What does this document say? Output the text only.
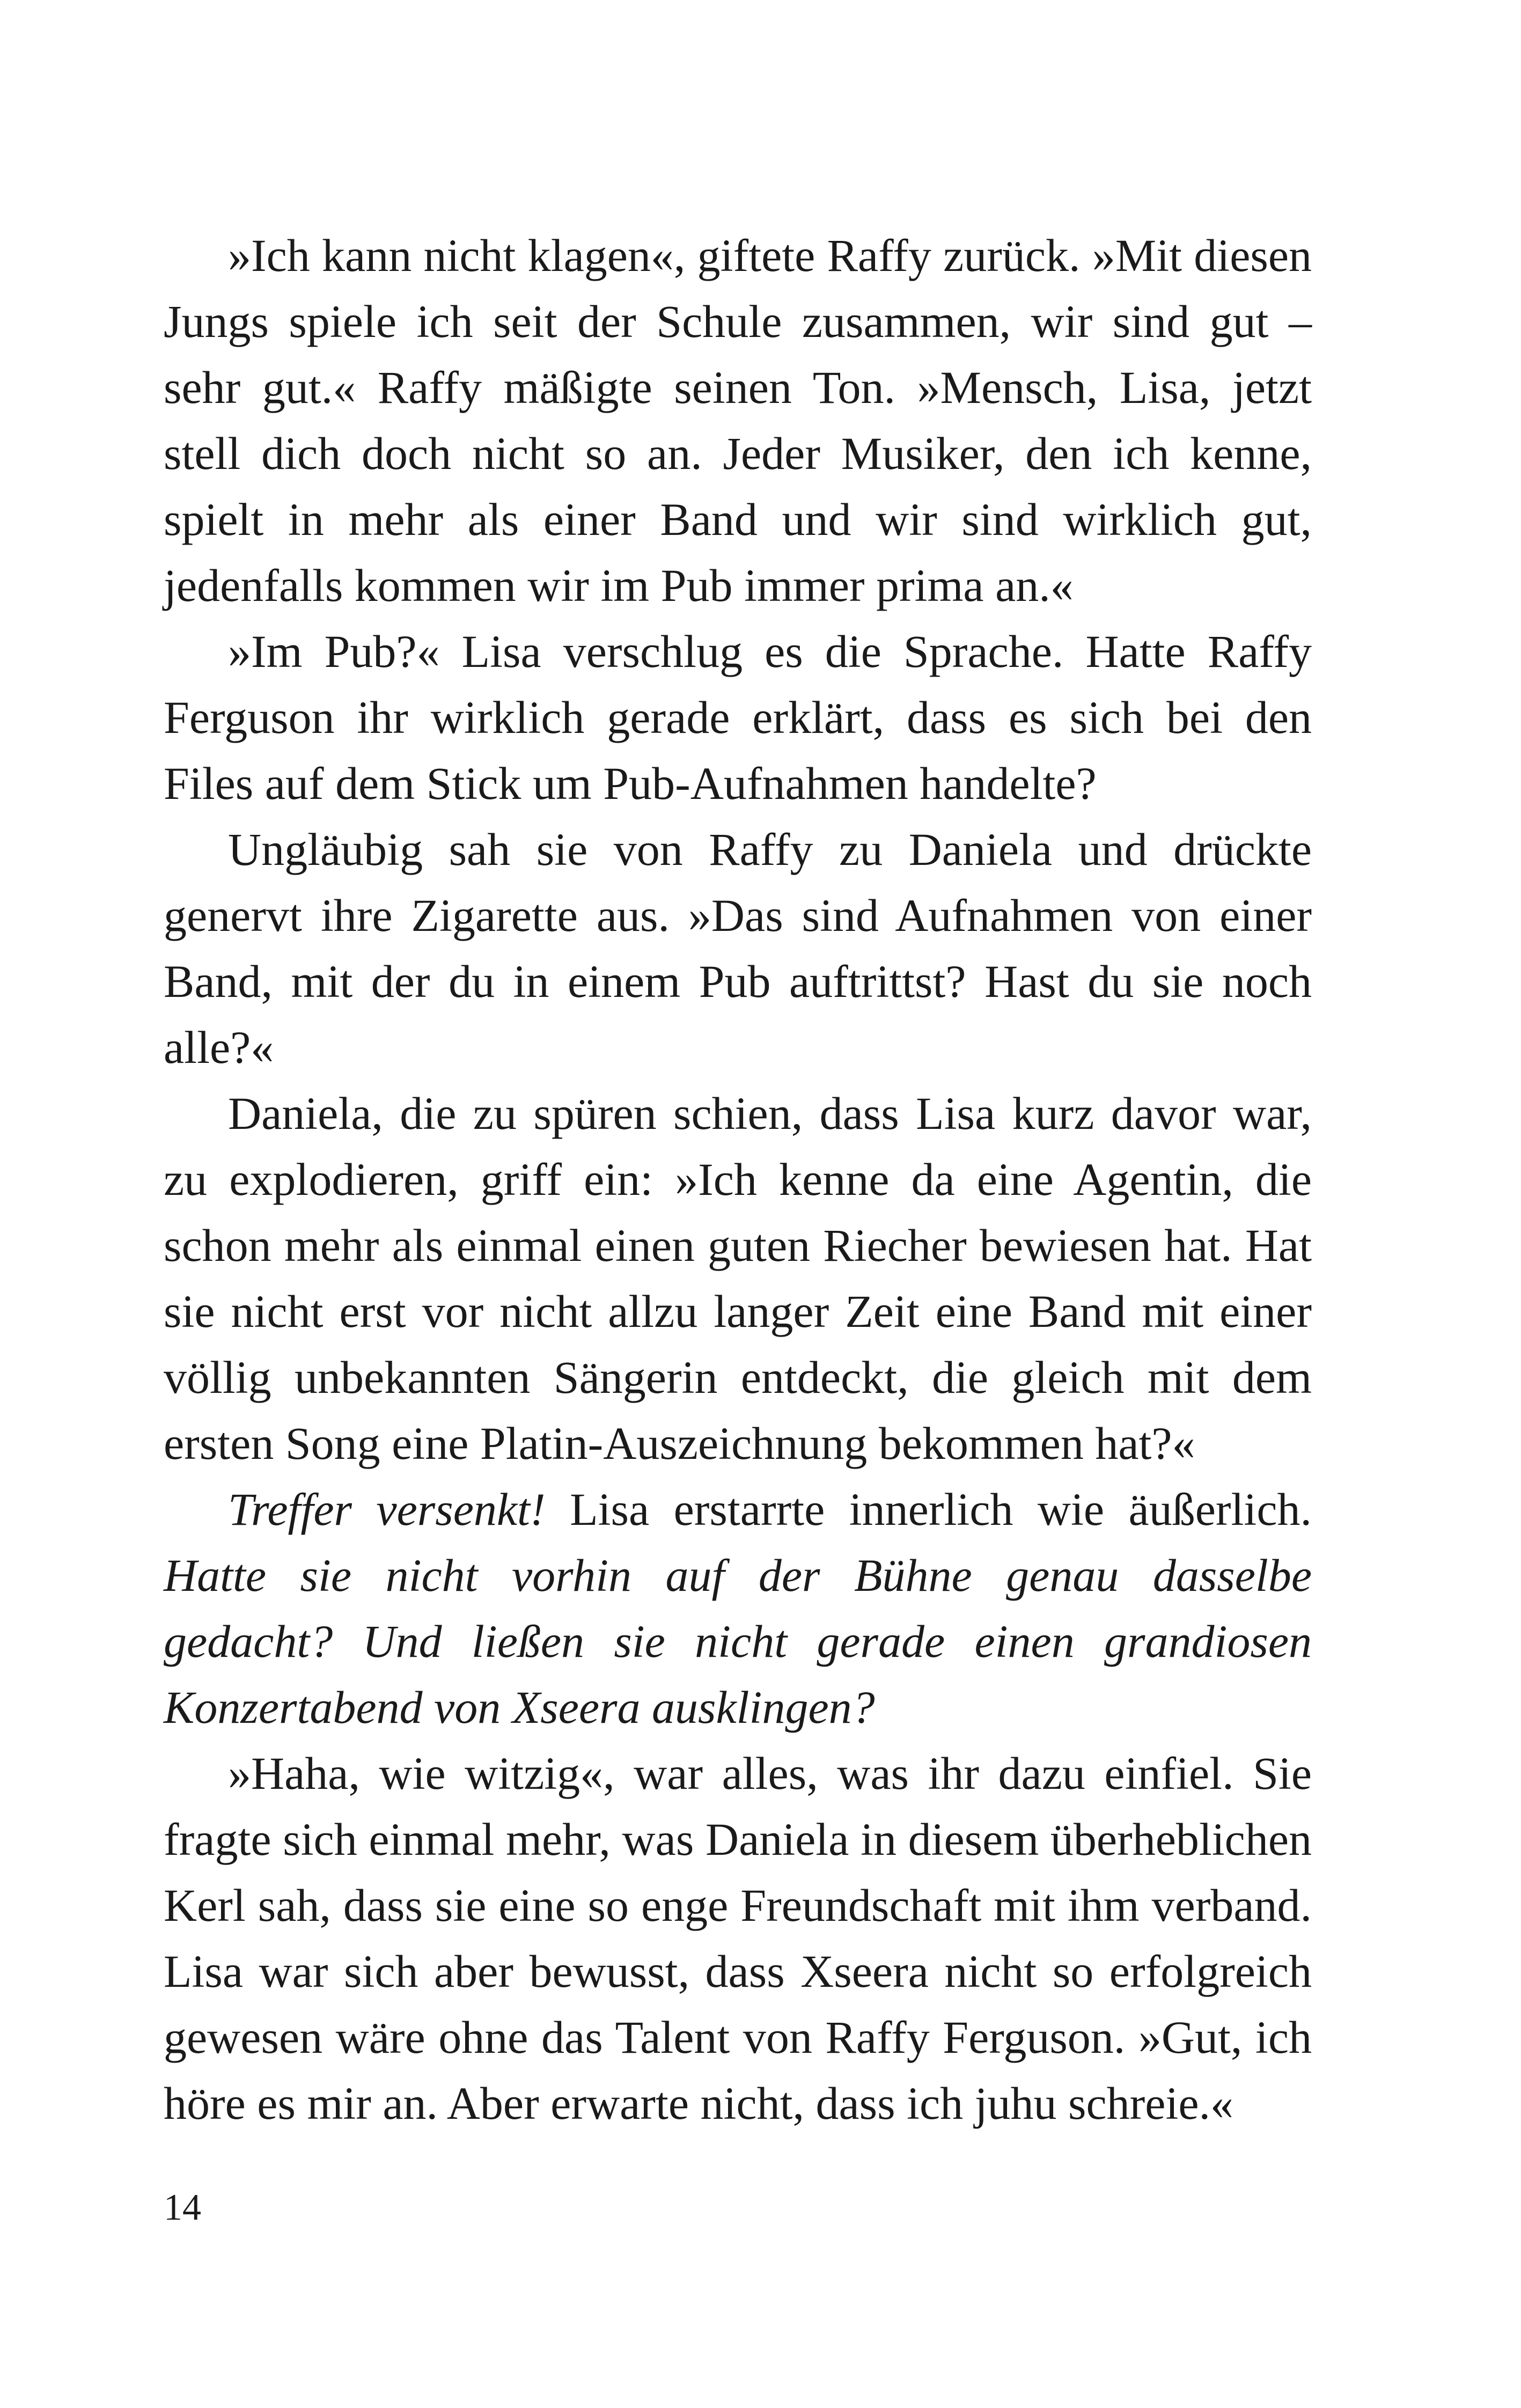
»Ich kann nicht klagen«, giftete Raffy zurück. »Mit diesen Jungs spiele ich seit der Schule zusammen, wir sind gut – sehr gut.« Raffy mäßigte seinen Ton. »Mensch, Lisa, jetzt stell dich doch nicht so an. Jeder Musiker, den ich kenne, spielt in mehr als einer Band und wir sind wirklich gut, jedenfalls kommen wir im Pub immer prima an.«

»Im Pub?« Lisa verschlug es die Sprache. Hatte Raffy Ferguson ihr wirklich gerade erklärt, dass es sich bei den Files auf dem Stick um Pub-Aufnahmen handelte?

Ungläubig sah sie von Raffy zu Daniela und drückte genervt ihre Zigarette aus. »Das sind Aufnahmen von einer Band, mit der du in einem Pub auftrittst? Hast du sie noch alle?«

Daniela, die zu spüren schien, dass Lisa kurz davor war, zu explodieren, griff ein: »Ich kenne da eine Agentin, die schon mehr als einmal einen guten Riecher bewiesen hat. Hat sie nicht erst vor nicht allzu langer Zeit eine Band mit einer völlig unbekannten Sängerin entdeckt, die gleich mit dem ersten Song eine Platin-Auszeichnung bekommen hat?«

Treffer versenkt! Lisa erstarrte innerlich wie äußerlich. Hatte sie nicht vorhin auf der Bühne genau dasselbe gedacht? Und ließen sie nicht gerade einen grandiosen Konzertabend von Xseera ausklingen?

»Haha, wie witzig«, war alles, was ihr dazu einfiel. Sie fragte sich einmal mehr, was Daniela in diesem überheblichen Kerl sah, dass sie eine so enge Freundschaft mit ihm verband. Lisa war sich aber bewusst, dass Xseera nicht so erfolgreich gewesen wäre ohne das Talent von Raffy Ferguson. »Gut, ich höre es mir an. Aber erwarte nicht, dass ich juhu schreie.«

14
